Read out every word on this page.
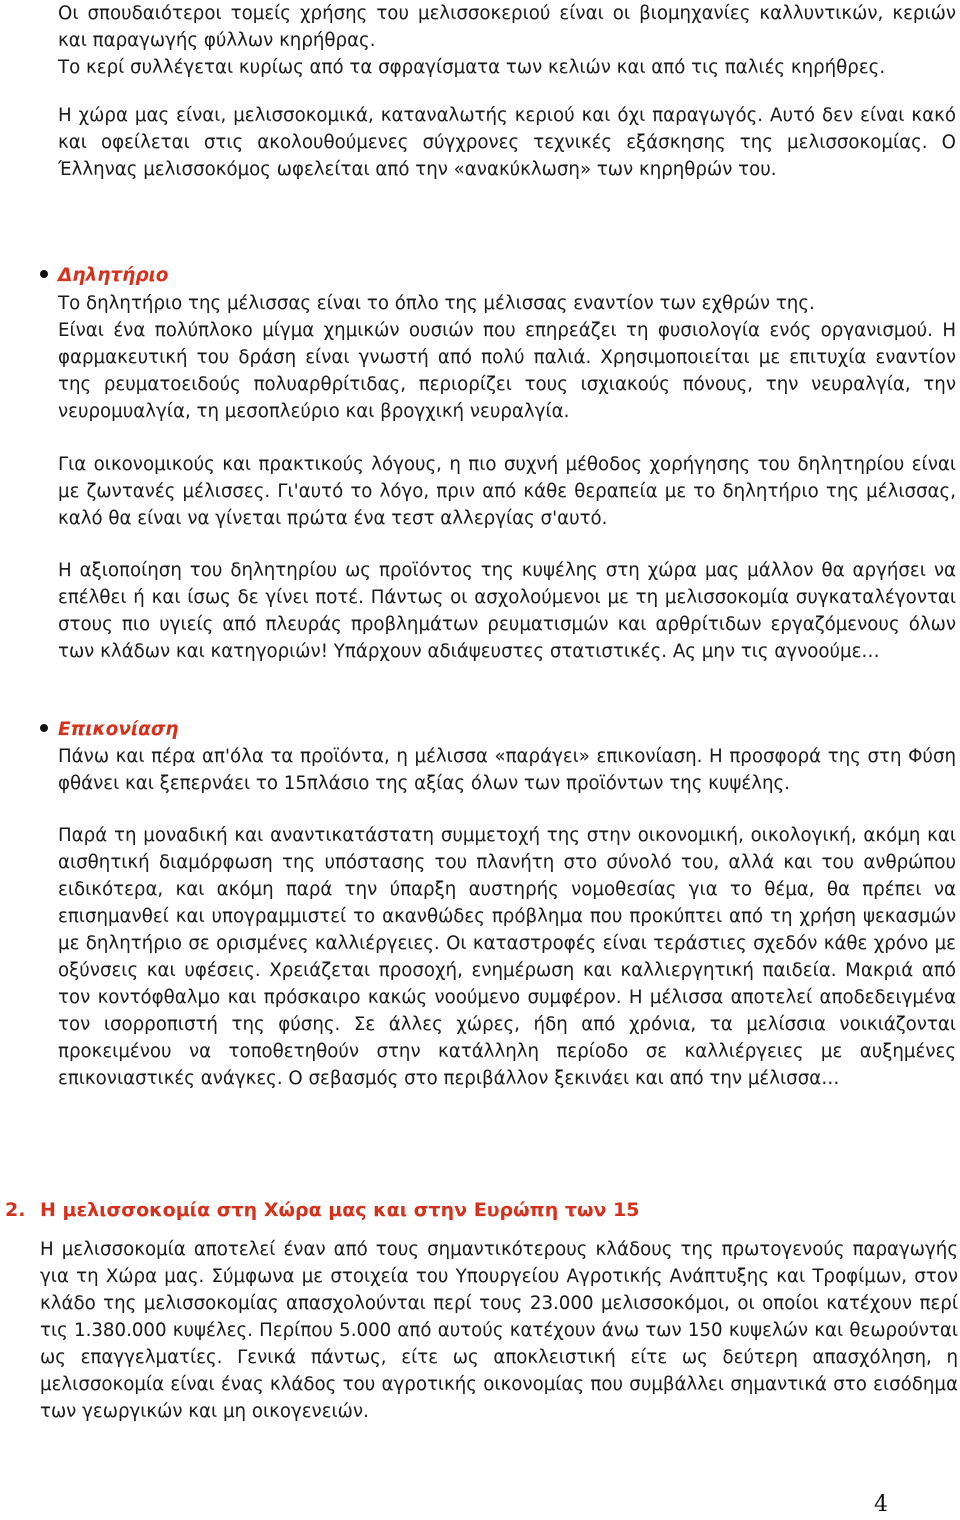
Οι σπουδαιότεροι τομείς χρήσης του μελισσοκεριού είναι οι βιομηχανίες καλλυντικών, κεριών και παραγωγής φύλλων κηρήθρας.

Το κερί συλλέγεται κυρίως από τα σφραγίσματα των κελιών και από τις παλιές κηρήθρες.

Η χώρα μας είναι, μελισσοκομικά, καταναλωτής κεριού και όχι παραγωγός. Αυτό δεν είναι κακό και οφείλεται στις ακολουθούμενες σύγχρονες τεχνικές εξάσκησης της μελισσοκομίας. Ο Έλληνας μελισσοκόμος ωφελείται από την «ανακύκλωση» των κηρηθρών του.

Δηλητήριο

Το δηλητήριο της μέλισσας είναι το όπλο της μέλισσας εναντίον των εχθρών της.

Είναι ένα πολύπλοκο μίγμα χημικών ουσιών που επηρεάζει τη φυσιολογία ενός οργανισμού. Η φαρμακευτική του δράση είναι γνωστή από πολύ παλιά. Χρησιμοποιείται με επιτυχία εναντίον της ρευματοειδούς πολυαρθρίτιδας, περιορίζει τους ισχιακούς πόνους, την νευραλγία, την νευρομυαλγία, τη μεσοπλεύριο και βρογχική νευραλγία.

Για οικονομικούς και πρακτικούς λόγους, η πιο συχνή μέθοδος χορήγησης του δηλητηρίου είναι με ζωντανές μέλισσες. Γι'αυτό το λόγο, πριν από κάθε θεραπεία με το δηλητήριο της μέλισσας, καλό θα είναι να γίνεται πρώτα ένα τεστ αλλεργίας σ'αυτό.

Η αξιοποίηση του δηλητηρίου ως προϊόντος της κυψέλης στη χώρα μας μάλλον θα αργήσει να επέλθει ή και ίσως δε γίνει ποτέ. Πάντως οι ασχολούμενοι με τη μελισσοκομία συγκαταλέγονται στους πιο υγιείς από πλευράς προβλημάτων ρευματισμών και αρθρίτιδων εργαζόμενους όλων των κλάδων και κατηγοριών! Υπάρχουν αδιάψευστες στατιστικές. Ας μην τις αγνοούμε…

Επικονίαση

Πάνω και πέρα απ'όλα τα προϊόντα, η μέλισσα «παράγει» επικονίαση. Η προσφορά της στη Φύση φθάνει και ξεπερνάει το 15πλάσιο της αξίας όλων των προϊόντων της κυψέλης.

Παρά τη μοναδική και αναντικατάστατη συμμετοχή της στην οικονομική, οικολογική, ακόμη και αισθητική διαμόρφωση της υπόστασης του πλανήτη στο σύνολό του, αλλά και του ανθρώπου ειδικότερα, και ακόμη παρά την ύπαρξη αυστηρής νομοθεσίας για το θέμα, θα πρέπει να επισημανθεί και υπογραμμιστεί το ακανθώδες πρόβλημα που προκύπτει από τη χρήση ψεκασμών με δηλητήριο σε ορισμένες καλλιέργειες. Οι καταστροφές είναι τεράστιες σχεδόν κάθε χρόνο με οξύνσεις και υφέσεις. Χρειάζεται προσοχή, ενημέρωση και καλλιεργητική παιδεία. Μακριά από τον κοντόφθαλμο και πρόσκαιρο κακώς νοούμενο συμφέρον. Η μέλισσα αποτελεί αποδεδειγμένα τον ισορροπιστή της φύσης. Σε άλλες χώρες, ήδη από χρόνια, τα μελίσσια νοικιάζονται προκειμένου να τοποθετηθούν στην κατάλληλη περίοδο σε καλλιέργειες με αυξημένες επικονιαστικές ανάγκες. Ο σεβασμός στο περιβάλλον ξεκινάει και από την μέλισσα…

2. Η μελισσοκομία στη Χώρα μας και στην Ευρώπη των 15

Η μελισσοκομία αποτελεί έναν από τους σημαντικότερους κλάδους της πρωτογενούς παραγωγής για τη Χώρα μας. Σύμφωνα με στοιχεία του Υπουργείου Αγροτικής Ανάπτυξης και Τροφίμων, στον κλάδο της μελισσοκομίας απασχολούνται περί τους 23.000 μελισσοκόμοι, οι οποίοι κατέχουν περί τις 1.380.000 κυψέλες. Περίπου 5.000 από αυτούς κατέχουν άνω των 150 κυψελών και θεωρούνται ως επαγγελματίες. Γενικά πάντως, είτε ως αποκλειστική είτε ως δεύτερη απασχόληση, η μελισσοκομία είναι ένας κλάδος του αγροτικής οικονομίας που συμβάλλει σημαντικά στο εισόδημα των γεωργικών και μη οικογενειών.

4
